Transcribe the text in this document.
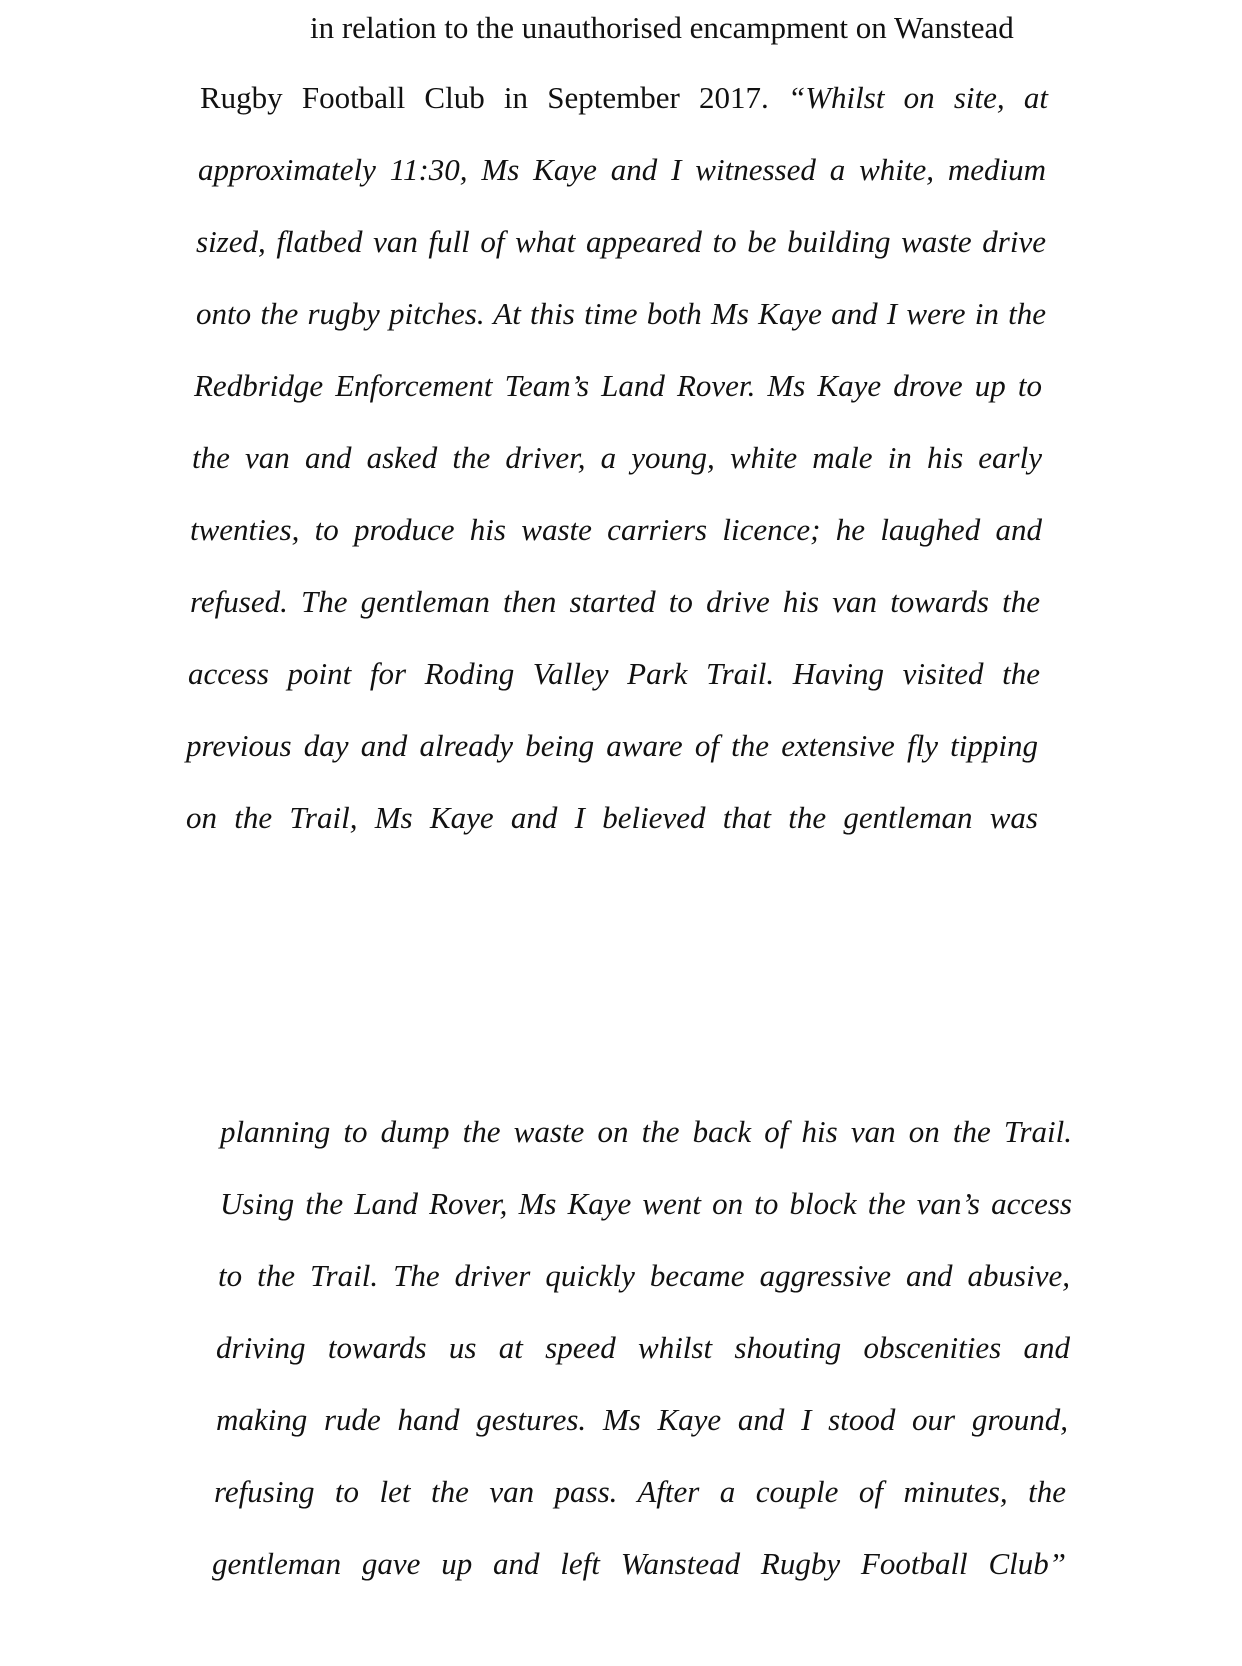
in relation to the unauthorised encampment on Wanstead
Rugby Football Club in September 2017. “Whilst on site, at
approximately 11:30, Ms Kaye and I witnessed a white, medium
sized, flatbed van full of what appeared to be building waste drive
onto the rugby pitches. At this time both Ms Kaye and I were in the
Redbridge Enforcement Team’s Land Rover. Ms Kaye drove up to
the van and asked the driver, a young, white male in his early
twenties, to produce his waste carriers licence; he laughed and
refused. The gentleman then started to drive his van towards the
access point for Roding Valley Park Trail. Having visited the
previous day and already being aware of the extensive fly tipping
on the Trail, Ms Kaye and I believed that the gentleman was
planning to dump the waste on the back of his van on the Trail.
Using the Land Rover, Ms Kaye went on to block the van’s access
to the Trail. The driver quickly became aggressive and abusive,
driving towards us at speed whilst shouting obscenities and
making rude hand gestures. Ms Kaye and I stood our ground,
refusing to let the van pass. After a couple of minutes, the
gentleman gave up and left Wanstead Rugby Football Club”
